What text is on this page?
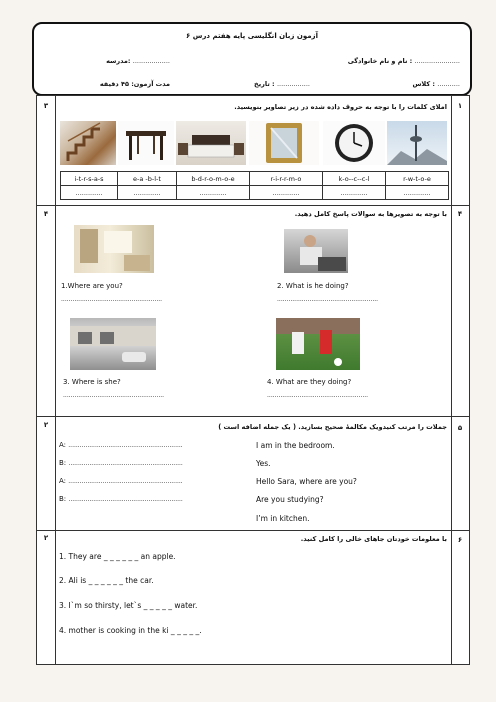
آزمون زبان انگلیسی پایه هفتم درس ۶
نام و نام خانوادگی : ......................
مدرسه: ..................
کلاس : ...........
تاریخ : ................
مدت آزمون: ۴۵ دقیقه
۳	۱
املای کلمات را با توجه به حروف داده شده در زیر تصاویر بنویسید.
i-t-r-s-a-s	e-a -b-l-t	b-d-r-o-m-o-e	r-i-r-r-m-o	k-o--c--c-l	r-w-t-o-e
.............	.............	.............	.............	.............	.............
۴	۴
با توجه به تصویرها به سوالات پاسخ کامل دهید.
1.Where are you?	2. What is he doing?
.....................................................	.....................................................
3. Where is she?	4. What are they doing?
.....................................................	.....................................................
۲	۵
جملات را مرتب کنیدویک مکالمهٔ صحیح بسازید. ( یک جمله اضافه است )
A: ............................................................
B: ............................................................
A: ............................................................
B: ............................................................
I am in the bedroom.
Yes.
Hello Sara, where are you?
Are you studying?
I’m in kitchen.
۲	۶
با معلومات خودتان جاهای خالی را کامل کنید.
1. They are _ _ _ _ _ _ an apple.
2. Ali is _ _ _ _ _ _ the car.
3. I`m so thirsty, let`s _ _ _ _ _ water.
4. mother is cooking in the ki _ _ _ _ _.
